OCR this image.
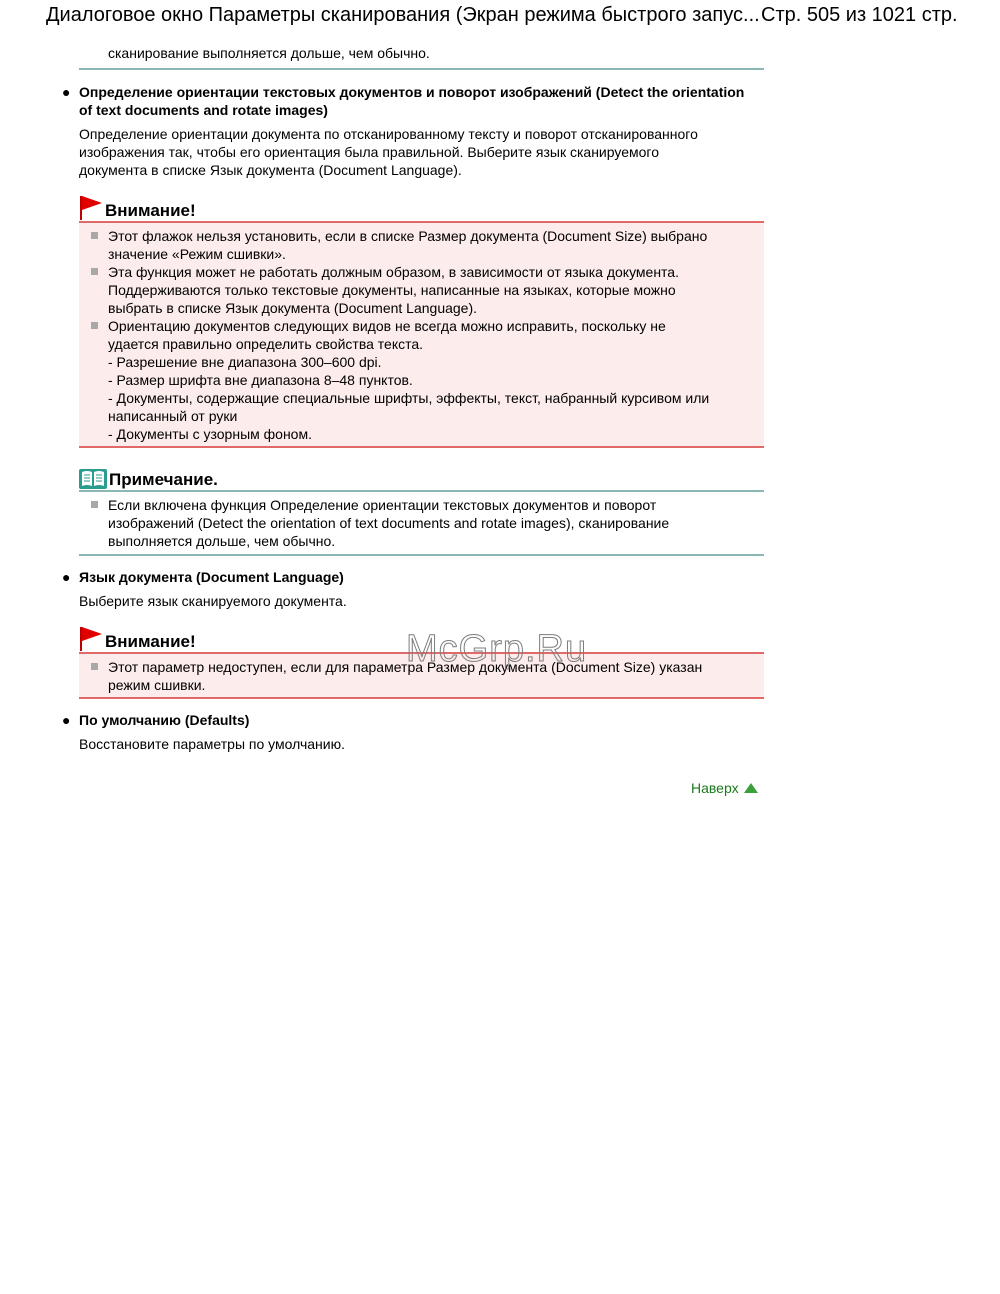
Диалоговое окно Параметры сканирования (Экран режима быстрого запус... Стр. 505 из 1021 стр.
сканирование выполняется дольше, чем обычно.
● Определение ориентации текстовых документов и поворот изображений (Detect the orientation
of text documents and rotate images)
Определение ориентации документа по отсканированному тексту и поворот отсканированного
изображения так, чтобы его ориентация была правильной. Выберите язык сканируемого
документа в списке Язык документа (Document Language).
Внимание!
Этот флажок нельзя установить, если в списке Размер документа (Document Size) выбрано
значение «Режим сшивки».
Эта функция может не работать должным образом, в зависимости от языка документа.
Поддерживаются только текстовые документы, написанные на языках, которые можно
выбрать в списке Язык документа (Document Language).
Ориентацию документов следующих видов не всегда можно исправить, поскольку не
удается правильно определить свойства текста.
- Разрешение вне диапазона 300–600 dpi.
- Размер шрифта вне диапазона 8–48 пунктов.
- Документы, содержащие специальные шрифты, эффекты, текст, набранный курсивом или
написанный от руки
- Документы с узорным фоном.
Примечание.
Если включена функция Определение ориентации текстовых документов и поворот
изображений (Detect the orientation of text documents and rotate images), сканирование
выполняется дольше, чем обычно.
● Язык документа (Document Language)
Выберите язык сканируемого документа.
Внимание!
Этот параметр недоступен, если для параметра Размер документа (Document Size) указан
режим сшивки.
● По умолчанию (Defaults)
Восстановите параметры по умолчанию.
McGrp.Ru
Наверх
